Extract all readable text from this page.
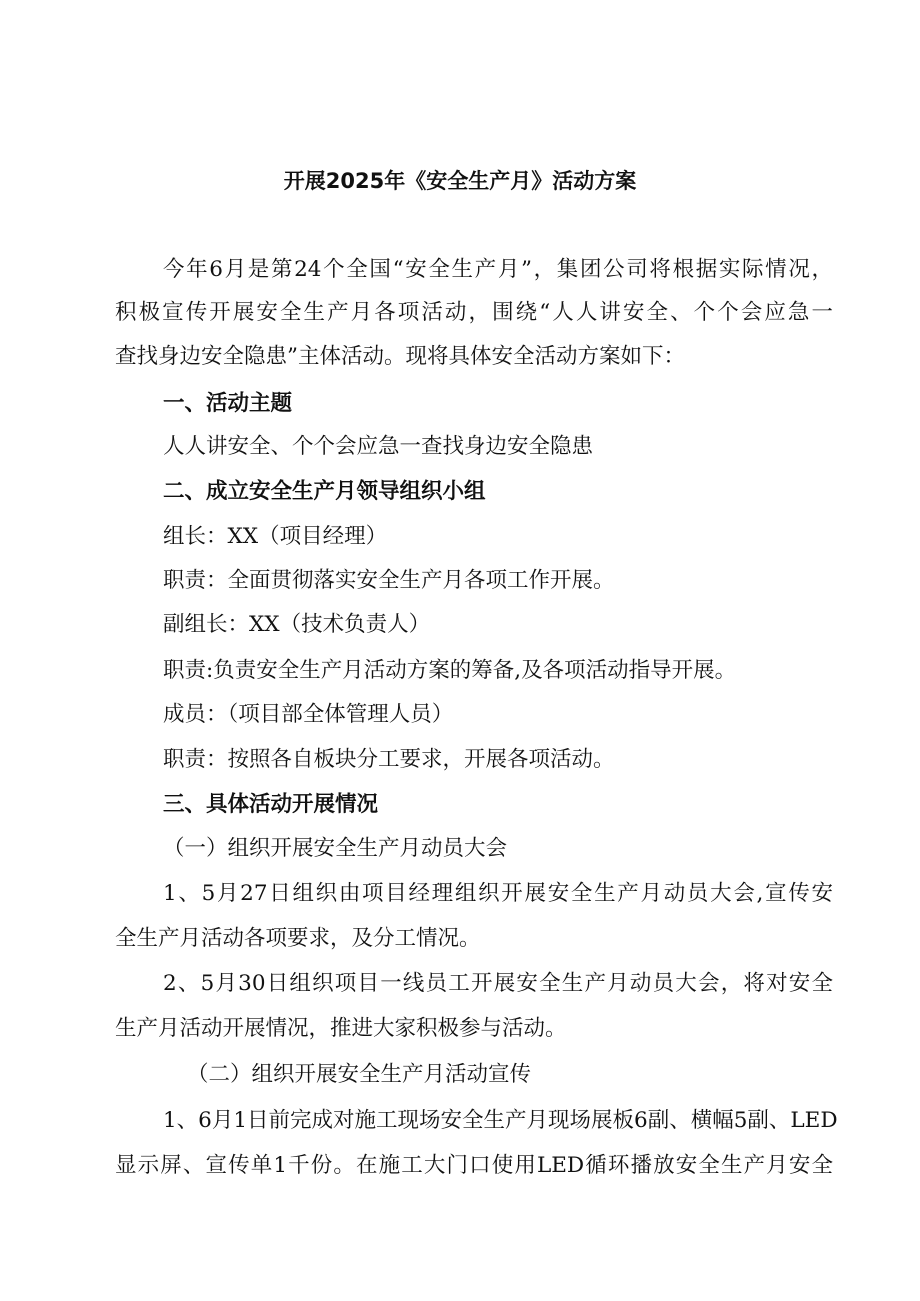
开展2025年《安全生产月》活动方案
今年6月是第24个全国“安全生产月”，集团公司将根据实际情况，
积极宣传开展安全生产月各项活动，围绕“人人讲安全、个个会应急一
查找身边安全隐患”主体活动。现将具体安全活动方案如下：
一、活动主题
人人讲安全、个个会应急一查找身边安全隐患
二、成立安全生产月领导组织小组
组长：XX（项目经理）
职责：全面贯彻落实安全生产月各项工作开展。
副组长：XX（技术负责人）
职责:负责安全生产月活动方案的筹备,及各项活动指导开展。
成员：（项目部全体管理人员）
职责：按照各自板块分工要求，开展各项活动。
三、具体活动开展情况
（一）组织开展安全生产月动员大会
1、5月27日组织由项目经理组织开展安全生产月动员大会,宣传安
全生产月活动各项要求，及分工情况。
2、5月30日组织项目一线员工开展安全生产月动员大会，将对安全
生产月活动开展情况，推进大家积极参与活动。
（二）组织开展安全生产月活动宣传
1、6月1日前完成对施工现场安全生产月现场展板6副、横幅5副、LED
显示屏、宣传单1千份。在施工大门口使用LED循环播放安全生产月安全
